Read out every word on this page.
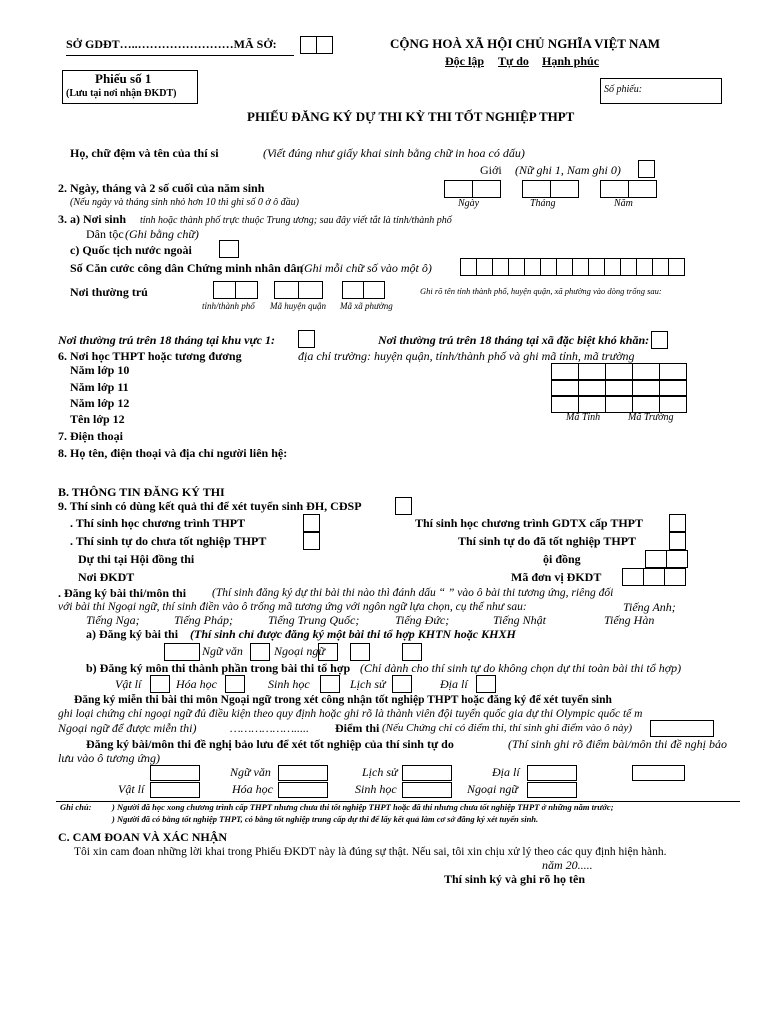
SỞ GDĐT…..……………………MÃ SỞ:	CỘNG HOÀ XÃ HỘI CHỦ NGHĨA VIỆT NAM
Độc lập Tự do Hạnh phúc
Phiếu số 1
(Lưu tại nơi nhận ĐKDT)	Số phiếu:
PHIẾU ĐĂNG KÝ DỰ THI KỲ THI TỐT NGHIỆP THPT
Họ, chữ đệm và tên của thí si	(Viết đúng như giấy khai sinh bằng chữ in hoa có dấu)
Giới (Nữ ghi 1, Nam ghi 0)
2. Ngày, tháng và 2 số cuối của năm sinh
(Nếu ngày và tháng sinh nhỏ hơn 10 thì ghi số 0 ở ô đầu)	Ngày	Tháng	Năm
3. a) Nơi sinh tỉnh hoặc thành phố trực thuộc Trung ương; sau đây viết tắt là tỉnh/thành phố
Dân tộc (Ghi bằng chữ)
c) Quốc tịch nước ngoài
Số Căn cước công dân Chứng minh nhân dân
(Ghi mỗi chữ số vào một ô)
Nơi thường trú
tỉnh/thành phố Mã huyện quận Mã xã phường
Ghi rõ tên tỉnh thành phố, huyện quận, xã phường vào dòng trống sau:
Nơi thường trú trên 18 tháng tại khu vực 1:	Nơi thường trú trên 18 tháng tại xã đặc biệt khó khăn:
6. Nơi học THPT hoặc tương đương	địa chỉ trường: huyện quận, tỉnh/thành phố và ghi mã tỉnh, mã trường
Năm lớp 10
Năm lớp 11
Năm lớp 12
Tên lớp 12	Mã Tỉnh	Mã Trường
7. Điện thoại
8. Họ tên, điện thoại và địa chỉ người liên hệ:
B. THÔNG TIN ĐĂNG KÝ THI
9. Thí sinh có dùng kết quả thi để xét tuyển sinh ĐH, CĐSP
. Thí sinh học chương trình THPT	Thí sinh học chương trình GDTX cấp THPT
. Thí sinh tự do chưa tốt nghiệp THPT	Thí sinh tự do đã tốt nghiệp THPT
Dự thi tại Hội đồng thi	ội đồng
Nơi ĐKDT	Mã đơn vị ĐKDT
. Đăng ký bài thi/môn thi (Thí sinh đăng ký dự thi bài thi nào thì đánh dấu “ ” vào ô bài thi tương ứng, riêng đối
với bài thi Ngoại ngữ, thí sinh điền vào ô trống mã tương ứng với ngôn ngữ lựa chọn, cụ thể như sau:	Tiếng Anh;
Tiếng Nga;	Tiếng Pháp;	Tiếng Trung Quốc;	Tiếng Đức;	Tiếng Nhật	Tiếng Hàn
a) Đăng ký bài thi (Thí sinh chỉ được đăng ký một bài thi tổ hợp KHTN hoặc KHXH
Ngữ văn	Ngoại ngữ
b) Đăng ký môn thi thành phần trong bài thi tổ hợp (Chỉ dành cho thí sinh tự do không chọn dự thi toàn bài thi tổ hợp)
Vật lí	Hóa học	Sinh học	Lịch sử	Địa lí
Đăng ký miễn thi bài thi môn Ngoại ngữ trong xét công nhận tốt nghiệp THPT hoặc đăng ký để xét tuyển sinh
ghi loại chứng chỉ ngoại ngữ đủ điều kiện theo quy định hoặc ghi rõ là thành viên đội tuyển quốc gia dự thi Olympic quốc tế m
Ngoại ngữ để được miễn thi)	………………..... Điểm thi (Nếu Chứng chỉ có điểm thi, thí sinh ghi điểm vào ô này)
Đăng ký bài/môn thi đề nghị bảo lưu để xét tốt nghiệp của thí sinh tự do	(Thí sinh ghi rõ điểm bài/môn thi đề nghị bảo
lưu vào ô tương ứng)
Ngữ văn	Lịch sử	Địa lí
Vật lí	Hóa học	Sinh học	Ngoại ngữ
Ghi chú: ) Người đã học xong chương trình cấp THPT nhưng chưa thi tốt nghiệp THPT hoặc đã thi nhưng chưa tốt nghiệp THPT ở những năm trước;
) Người đã có bằng tốt nghiệp THPT, có bằng tốt nghiệp trung cấp dự thi để lấy kết quả làm cơ sở đăng ký xét tuyển sinh.
C. CAM ĐOAN VÀ XÁC NHẬN
Tôi xin cam đoan những lời khai trong Phiếu ĐKDT này là đúng sự thật. Nếu sai, tôi xin chịu xử lý theo các quy định hiện hành.
năm 20.....
Thí sinh ký và ghi rõ họ tên
